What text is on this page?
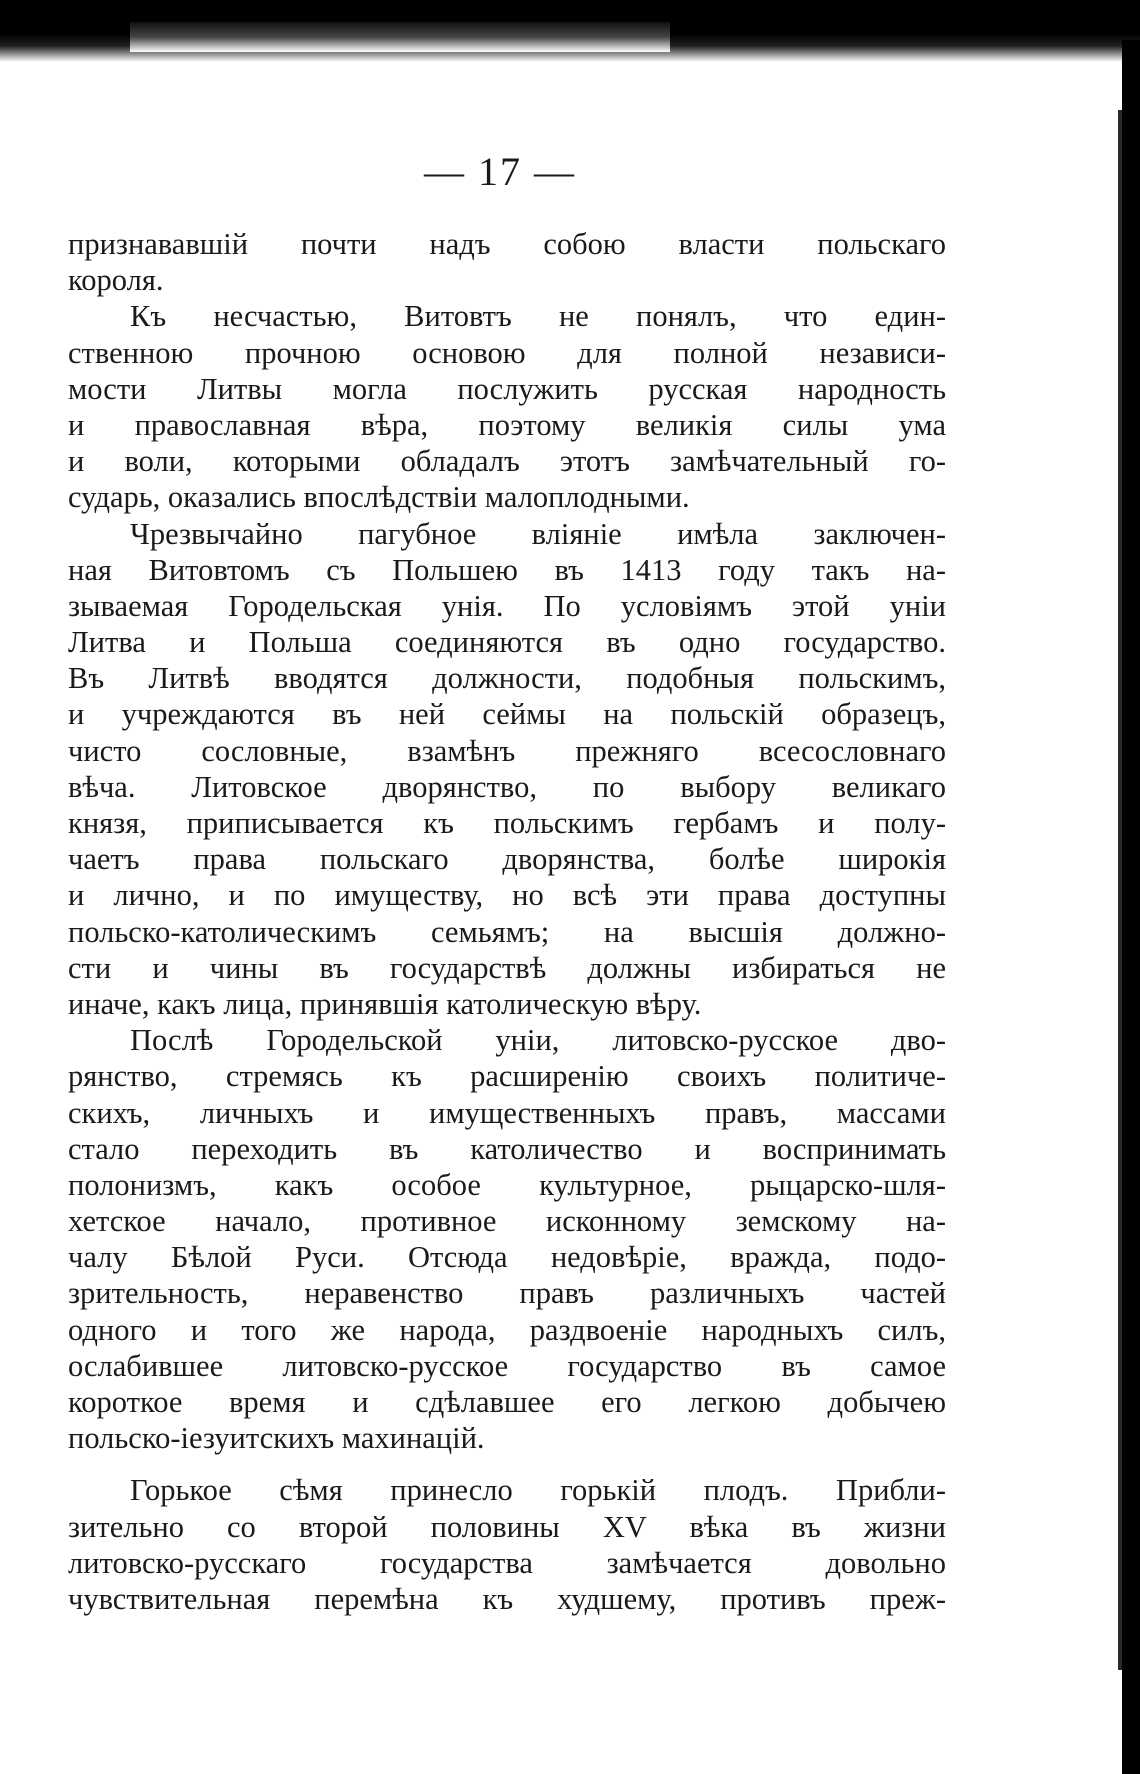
— 17 —
признававшiй почти надъ собою власти польскаго
короля.
Къ несчастью, Витовтъ не понялъ, что един-
ственною прочною основою для полной независи-
мости Литвы могла послужить русская народность
и православная вѣра, поэтому великiя силы ума
и воли, которыми обладалъ этотъ замѣчательный го-
сударь, оказались впослѣдствiи малоплодными.
Чрезвычайно пагубное влiянiе имѣла заключен-
ная Витовтомъ съ Польшею въ 1413 году такъ на-
зываемая Городельская унiя. По условiямъ этой унiи
Литва и Польша соединяются въ одно государство.
Въ Литвѣ вводятся должности, подобныя польскимъ,
и учреждаются въ ней сеймы на польскiй образецъ,
чисто сословные, взамѣнъ прежняго всесословнаго
вѣча. Литовское дворянство, по выбору великаго
князя, приписывается къ польскимъ гербамъ и полу-
чаетъ права польскаго дворянства, болѣе широкiя
и лично, и по имуществу, но всѣ эти права доступны
польско-католическимъ семьямъ; на высшiя должно-
сти и чины въ государствѣ должны избираться не
иначе, какъ лица, принявшiя католическую вѣру.
Послѣ Городельской унiи, литовско-русское дво-
рянство, стремясь къ расширенiю своихъ политиче-
скихъ, личныхъ и имущественныхъ правъ, массами
стало переходить въ католичество и воспринимать
полонизмъ, какъ особое культурное, рыцарско-шля-
хетское начало, противное исконному земскому на-
чалу Бѣлой Руси. Отсюда недовѣрiе, вражда, подо-
зрительность, неравенство правъ различныхъ частей
одного и того же народа, раздвоенiе народныхъ силъ,
ослабившее литовско-русское государство въ самое
короткое время и сдѣлавшее его легкою добычею
польско-iезуитскихъ махинацiй.
Горькое сѣмя принесло горькiй плодъ. Прибли-
зительно со второй половины XV вѣка въ жизни
литовско-русскаго государства замѣчается довольно
чувствительная перемѣна къ худшему, противъ преж-
